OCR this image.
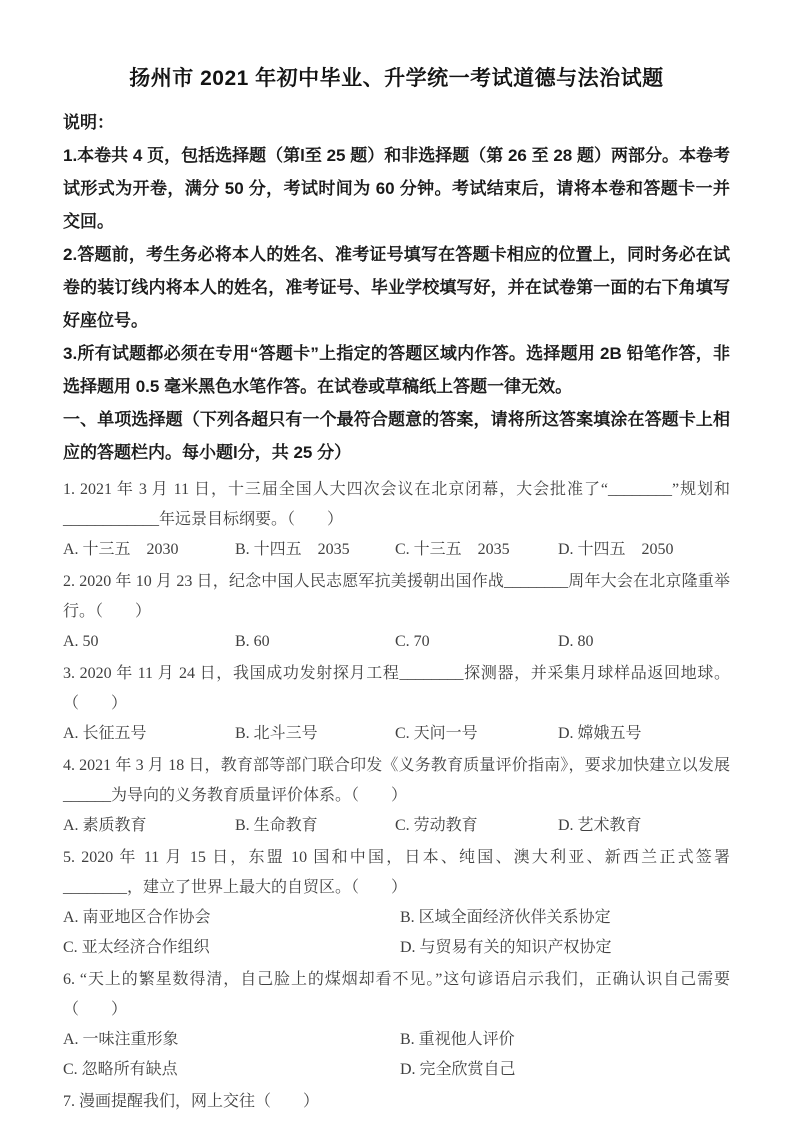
扬州市 2021 年初中毕业、升学统一考试道德与法治试题

说明：

1.本卷共 4 页，包括选择题（第l至 25 题）和非选择题（第 26 至 28 题）两部分。本卷考试形式为开卷，满分 50 分，考试时间为 60 分钟。考试结束后，请将本卷和答题卡一并交回。

2.答题前，考生务必将本人的姓名、准考证号填写在答题卡相应的位置上，同时务必在试卷的装订线内将本人的姓名，准考证号、毕业学校填写好，并在试卷第一面的右下角填写好座位号。

3.所有试题都必须在专用“答题卡”上指定的答题区域内作答。选择题用 2B 铅笔作答，非选择题用 0.5 毫米黑色水笔作答。在试卷或草稿纸上答题一律无效。

一、单项选择题（下列各超只有一个最符合题意的答案，请将所这答案填涂在答题卡上相应的答题栏内。每小题l分，共 25 分）

1. 2021 年 3 月 11 日，十三届全国人大四次会议在北京闭幕，大会批准了“________”规划和____________年远景目标纲要。（　　）

A. 十三五　2030	B. 十四五　2035	C. 十三五　2035	D. 十四五　2050

2. 2020 年 10 月 23 日，纪念中国人民志愿军抗美援朝出国作战________周年大会在北京隆重举行。（　　）

A. 50	B. 60	C. 70	D. 80

3. 2020 年 11 月 24 日，我国成功发射探月工程________探测器，并采集月球样品返回地球。（　　）

A. 长征五号	B. 北斗三号	C. 天问一号	D. 嫦娥五号

4. 2021 年 3 月 18 日，教育部等部门联合印发《义务教育质量评价指南》，要求加快建立以发展______为导向的义务教育质量评价体系。（　　）

A. 素质教育	B. 生命教育	C. 劳动教育	D. 艺术教育

5. 2020 年 11 月 15 日，东盟 10 国和中国，日本、纯国、澳大利亚、新西兰正式签署________，建立了世界上最大的自贸区。（　　）

A. 南亚地区合作协会	B. 区域全面经济伙伴关系协定
C. 亚太经济合作组织	D. 与贸易有关的知识产权协定

6. “天上的繁星数得清，自己脸上的煤烟却看不见。”这句谚语启示我们，正确认识自己需要（　　）

A. 一味注重形象	B. 重视他人评价
C. 忽略所有缺点	D. 完全欣赏自己

7. 漫画提醒我们，网上交往（　　）
